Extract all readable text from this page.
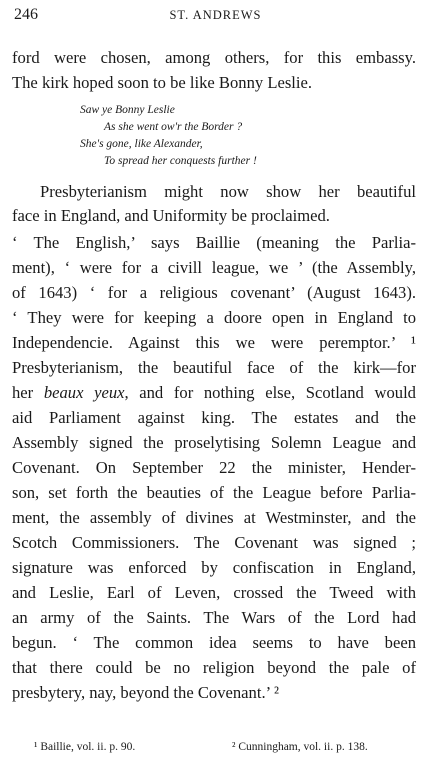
246	ST. ANDREWS
ford were chosen, among others, for this embassy.
The kirk hoped soon to be like Bonny Leslie.
Saw ye Bonny Leslie
As she went ow'r the Border ?
She's gone, like Alexander,
To spread her conquests further !
Presbyterianism might now show her beautiful
face in England, and Uniformity be proclaimed.
‘ The English,’ says Baillie (meaning the Parlia-
ment), ‘ were for a civill league, we ’ (the Assembly,
of 1643) ‘ for a religious covenant’ (August 1643).
‘ They were for keeping a doore open in England to
Independencie. Against this we were peremptor.’ ¹
Presbyterianism, the beautiful face of the kirk—for
her beaux yeux, and for nothing else, Scotland would
aid Parliament against king. The estates and the
Assembly signed the proselytising Solemn League and
Covenant. On September 22 the minister, Hender-
son, set forth the beauties of the League before Parlia-
ment, the assembly of divines at Westminster, and the
Scotch Commissioners. The Covenant was signed ;
signature was enforced by confiscation in England,
and Leslie, Earl of Leven, crossed the Tweed with
an army of the Saints. The Wars of the Lord had
begun. ‘ The common idea seems to have been
that there could be no religion beyond the pale of
presbytery, nay, beyond the Covenant.’ ²
¹ Baillie, vol. ii. p. 90.	² Cunningham, vol. ii. p. 138.
